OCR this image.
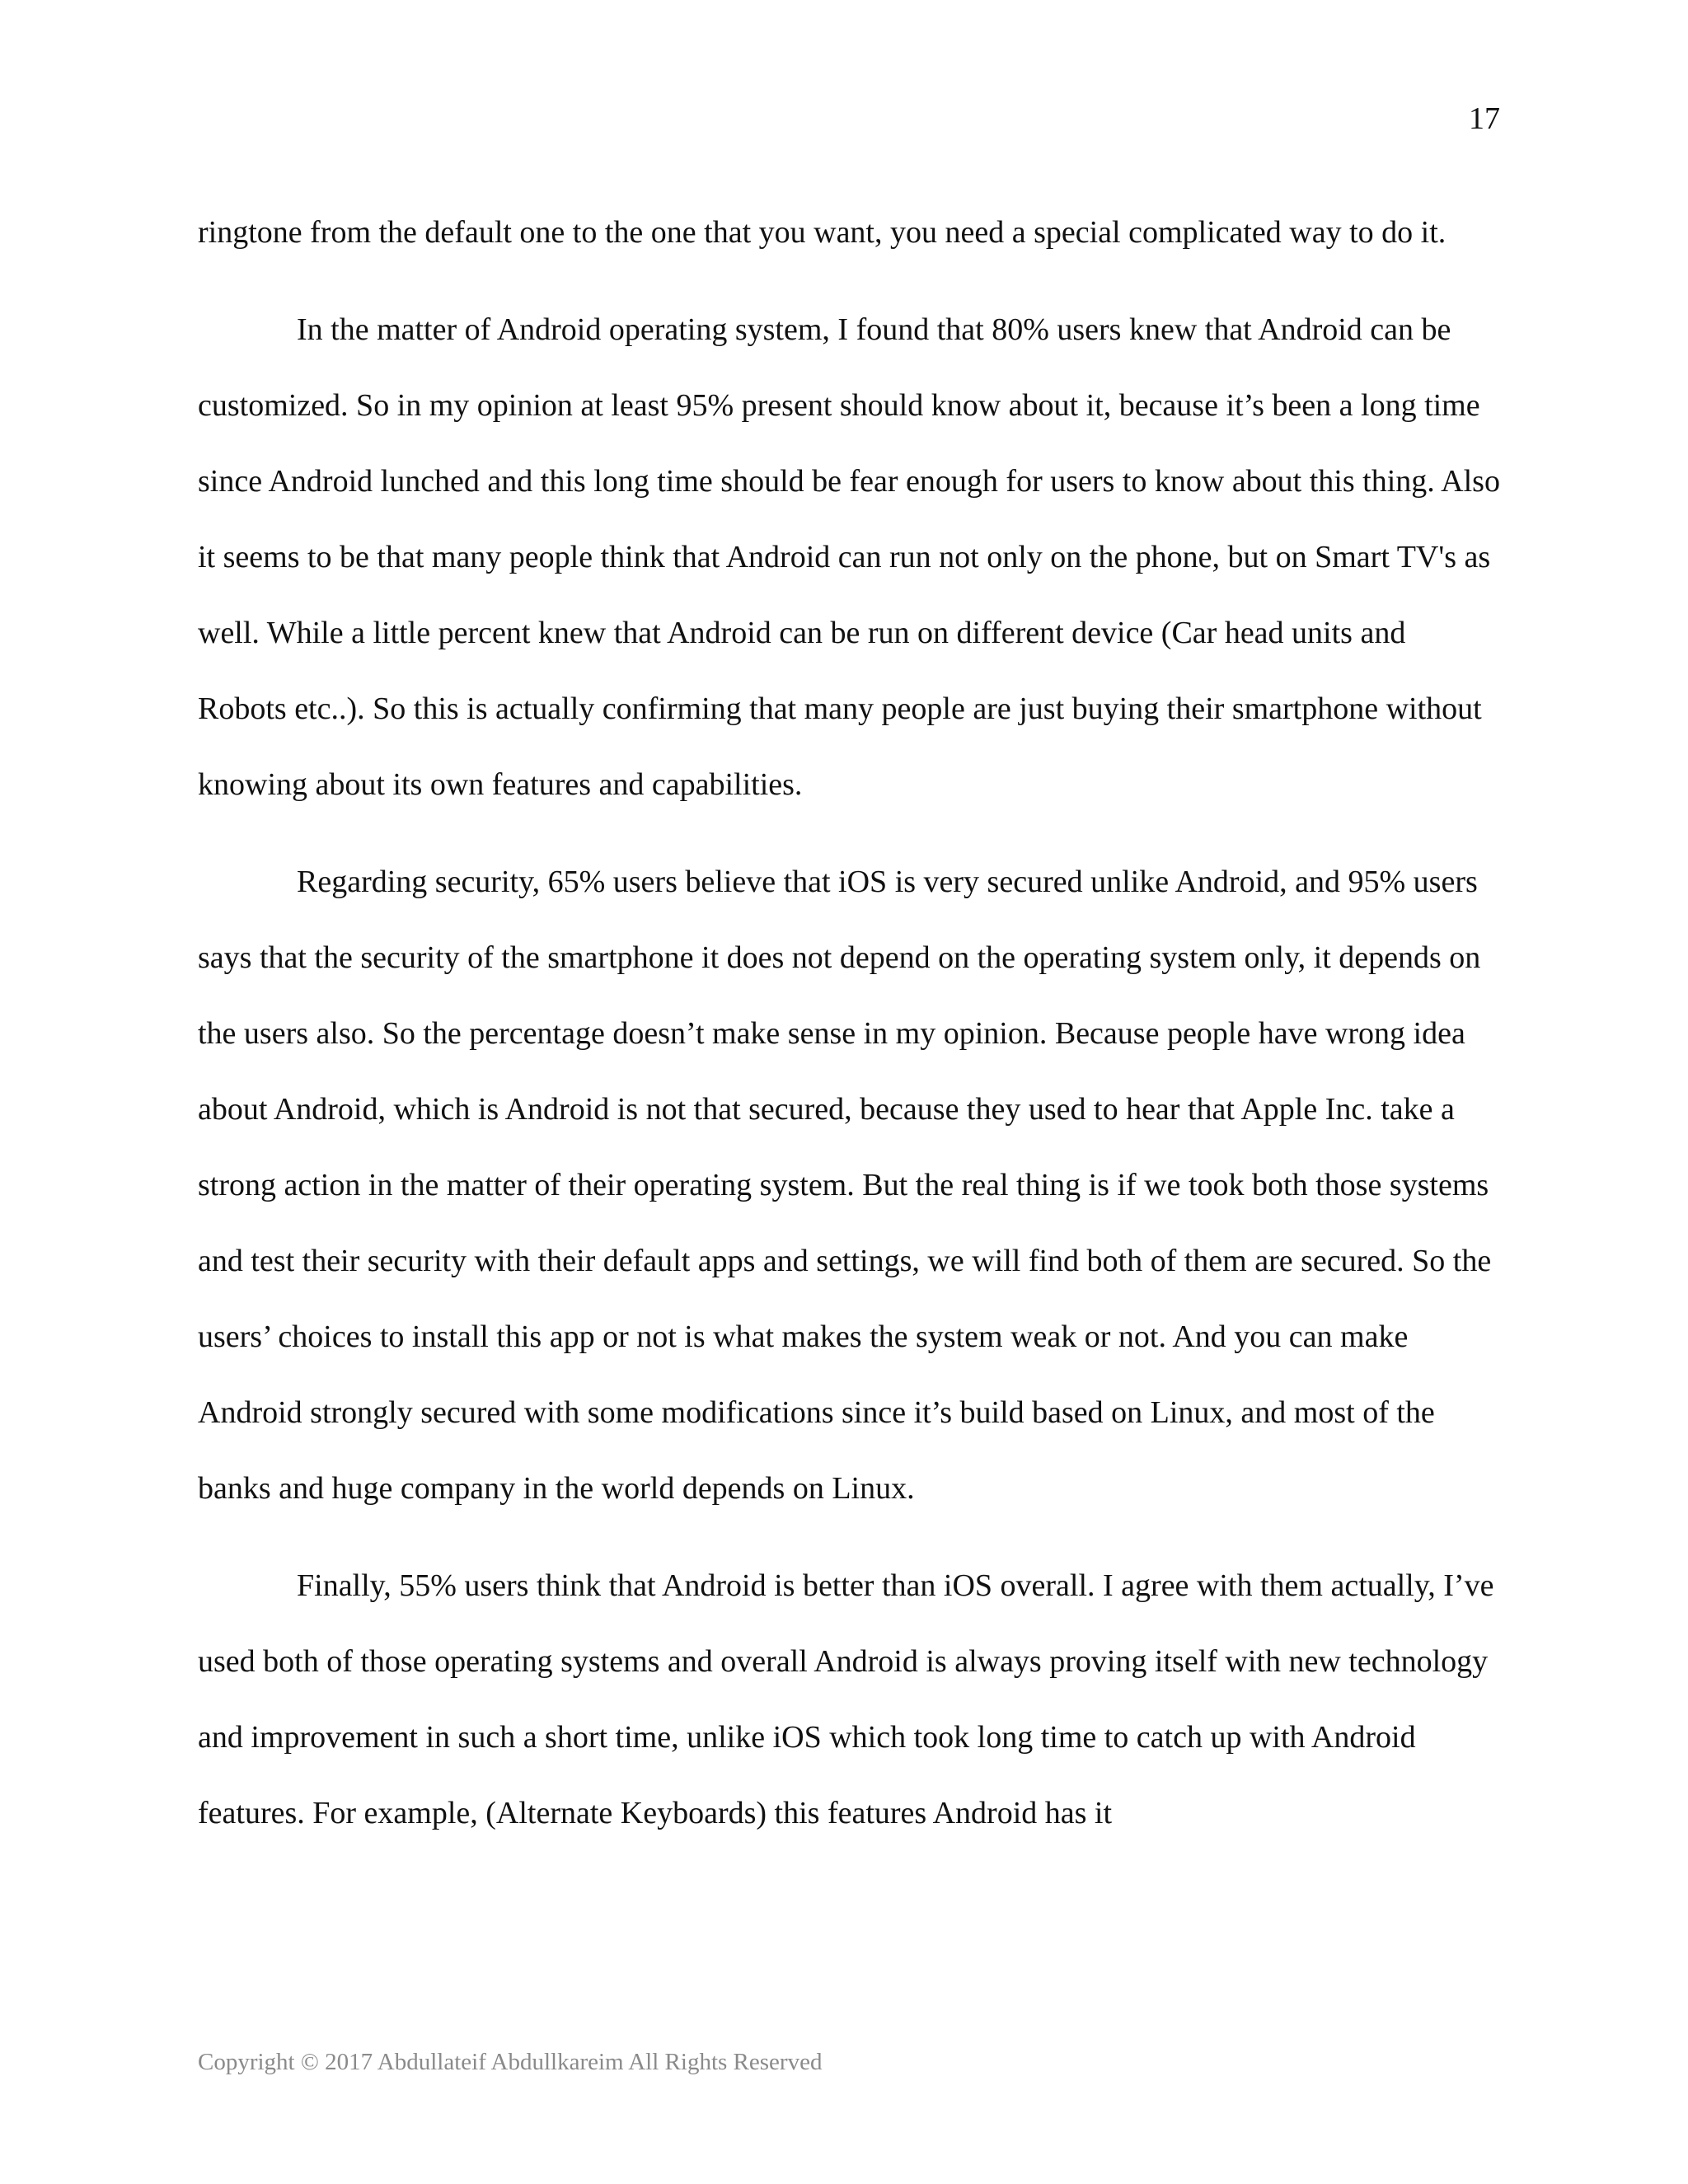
17

ringtone from the default one to the one that you want, you need a special complicated way to do it.

In the matter of Android operating system, I found that 80% users knew that Android can be customized. So in my opinion at least 95% present should know about it, because it’s been a long time since Android lunched and this long time should be fear enough for users to know about this thing. Also it seems to be that many people think that Android can run not only on the phone, but on Smart TV's as well. While a little percent knew that Android can be run on different device (Car head units and Robots etc..). So this is actually confirming that many people are just buying their smartphone without knowing about its own features and capabilities.

Regarding security, 65% users believe that iOS is very secured unlike Android, and 95% users says that the security of the smartphone it does not depend on the operating system only, it depends on the users also. So the percentage doesn’t make sense in my opinion. Because people have wrong idea about Android, which is Android is not that secured, because they used to hear that Apple Inc. take a strong action in the matter of their operating system. But the real thing is if we took both those systems and test their security with their default apps and settings, we will find both of them are secured. So the users’ choices to install this app or not is what makes the system weak or not. And you can make Android strongly secured with some modifications since it’s build based on Linux, and most of the banks and huge company in the world depends on Linux.

Finally, 55% users think that Android is better than iOS overall. I agree with them actually, I’ve used both of those operating systems and overall Android is always proving itself with new technology and improvement in such a short time, unlike iOS which took long time to catch up with Android features. For example, (Alternate Keyboards) this features Android has it

Copyright © 2017 Abdullateif Abdullkareim All Rights Reserved
